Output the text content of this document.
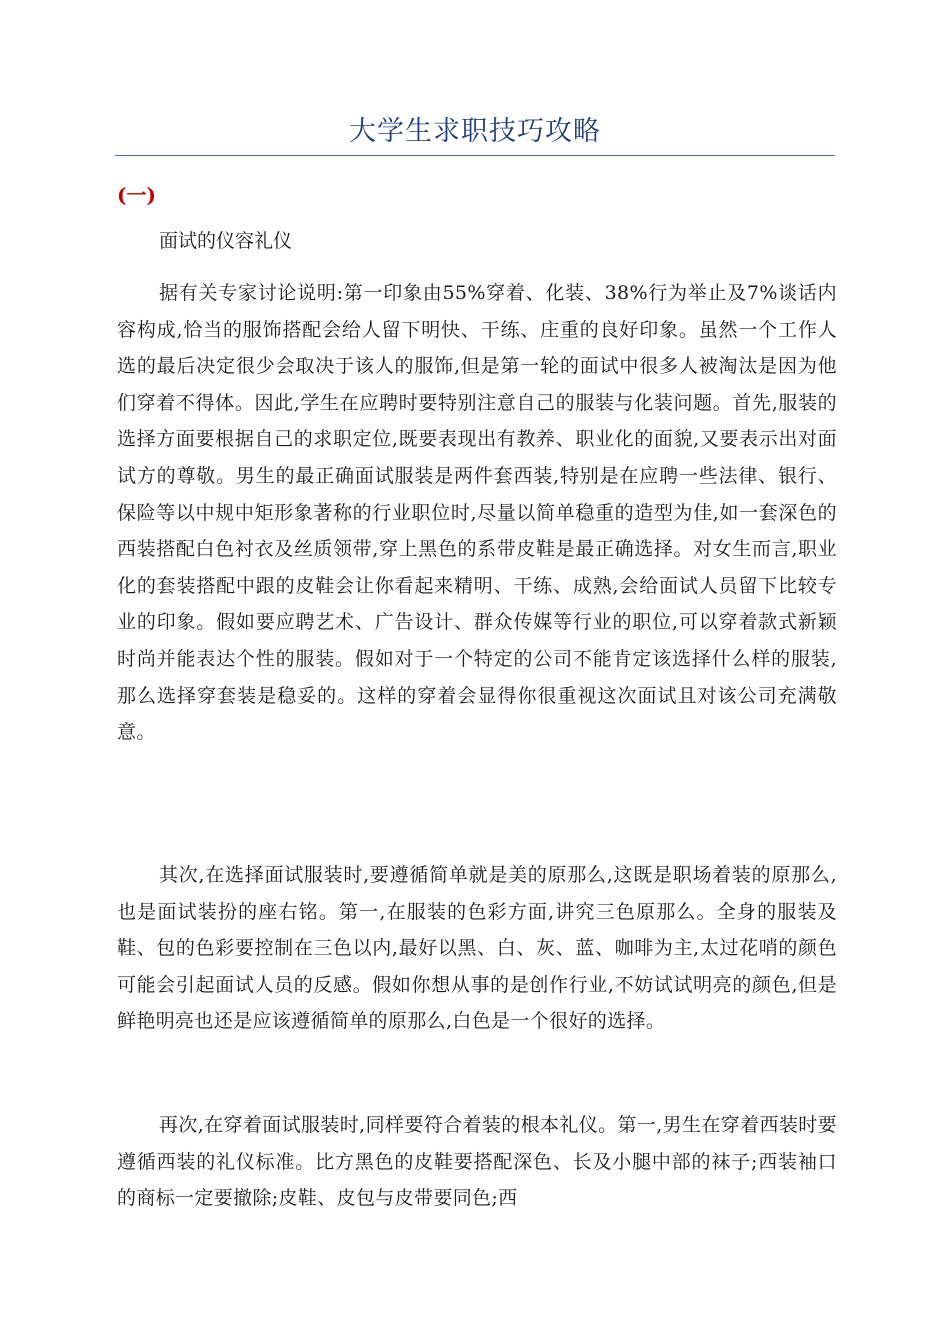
大学生求职技巧攻略

(一)

面试的仪容礼仪

据有关专家讨论说明:第一印象由55%穿着、化装、38%行为举止及7%谈话内容构成,恰当的服饰搭配会给人留下明快、干练、庄重的良好印象。虽然一个工作人选的最后决定很少会取决于该人的服饰,但是第一轮的面试中很多人被淘汰是因为他们穿着不得体。因此,学生在应聘时要特别注意自己的服装与化装问题。首先,服装的选择方面要根据自己的求职定位,既要表现出有教养、职业化的面貌,又要表示出对面试方的尊敬。男生的最正确面试服装是两件套西装,特别是在应聘一些法律、银行、保险等以中规中矩形象著称的行业职位时,尽量以简单稳重的造型为佳,如一套深色的西装搭配白色衬衣及丝质领带,穿上黑色的系带皮鞋是最正确选择。对女生而言,职业化的套装搭配中跟的皮鞋会让你看起来精明、干练、成熟,会给面试人员留下比较专业的印象。假如要应聘艺术、广告设计、群众传媒等行业的职位,可以穿着款式新颖时尚并能表达个性的服装。假如对于一个特定的公司不能肯定该选择什么样的服装,那么选择穿套装是稳妥的。这样的穿着会显得你很重视这次面试且对该公司充满敬意。

其次,在选择面试服装时,要遵循简单就是美的原那么,这既是职场着装的原那么,也是面试装扮的座右铭。第一,在服装的色彩方面,讲究三色原那么。全身的服装及鞋、包的色彩要控制在三色以内,最好以黑、白、灰、蓝、咖啡为主,太过花哨的颜色可能会引起面试人员的反感。假如你想从事的是创作行业,不妨试试明亮的颜色,但是鲜艳明亮也还是应该遵循简单的原那么,白色是一个很好的选择。

再次,在穿着面试服装时,同样要符合着装的根本礼仪。第一,男生在穿着西装时要遵循西装的礼仪标准。比方黑色的皮鞋要搭配深色、长及小腿中部的袜子;西装袖口的商标一定要撤除;皮鞋、皮包与皮带要同色;西
